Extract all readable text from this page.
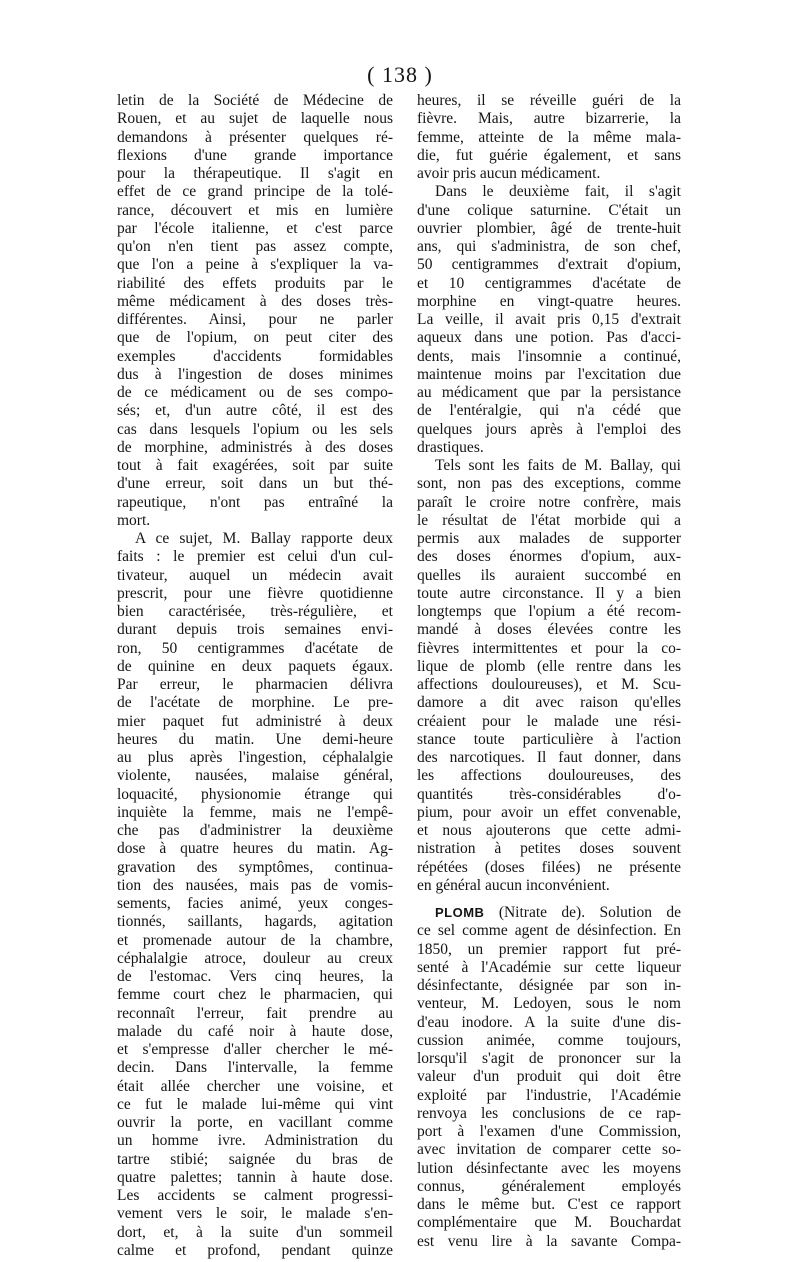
( 138 )
letin de la Société de Médecine de
Rouen, et au sujet de laquelle nous
demandons à présenter quelques ré-
flexions d'une grande importance
pour la thérapeutique. Il s'agit en
effet de ce grand principe de la tolé-
rance, découvert et mis en lumière
par l'école italienne, et c'est parce
qu'on n'en tient pas assez compte,
que l'on a peine à s'expliquer la va-
riabilité des effets produits par le
même médicament à des doses très-
différentes. Ainsi, pour ne parler
que de l'opium, on peut citer des
exemples d'accidents formidables
dus à l'ingestion de doses minimes
de ce médicament ou de ses compo-
sés; et, d'un autre côté, il est des
cas dans lesquels l'opium ou les sels
de morphine, administrés à des doses
tout à fait exagérées, soit par suite
d'une erreur, soit dans un but thé-
rapeutique, n'ont pas entraîné la
mort.
A ce sujet, M. Ballay rapporte deux
faits : le premier est celui d'un cul-
tivateur, auquel un médecin avait
prescrit, pour une fièvre quotidienne
bien caractérisée, très-régulière, et
durant depuis trois semaines envi-
ron, 50 centigrammes d'acétate de
de quinine en deux paquets égaux.
Par erreur, le pharmacien délivra
de l'acétate de morphine. Le pre-
mier paquet fut administré à deux
heures du matin. Une demi-heure
au plus après l'ingestion, céphalalgie
violente, nausées, malaise général,
loquacité, physionomie étrange qui
inquiète la femme, mais ne l'empê-
che pas d'administrer la deuxième
dose à quatre heures du matin. Ag-
gravation des symptômes, continua-
tion des nausées, mais pas de vomis-
sements, facies animé, yeux conges-
tionnés, saillants, hagards, agitation
et promenade autour de la chambre,
céphalalgie atroce, douleur au creux
de l'estomac. Vers cinq heures, la
femme court chez le pharmacien, qui
reconnaît l'erreur, fait prendre au
malade du café noir à haute dose,
et s'empresse d'aller chercher le mé-
decin. Dans l'intervalle, la femme
était allée chercher une voisine, et
ce fut le malade lui-même qui vint
ouvrir la porte, en vacillant comme
un homme ivre. Administration du
tartre stibié; saignée du bras de
quatre palettes; tannin à haute dose.
Les accidents se calment progressi-
vement vers le soir, le malade s'en-
dort, et, à la suite d'un sommeil
calme et profond, pendant quinze
heures, il se réveille guéri de la
fièvre. Mais, autre bizarrerie, la
femme, atteinte de la même mala-
die, fut guérie également, et sans
avoir pris aucun médicament.
Dans le deuxième fait, il s'agit
d'une colique saturnine. C'était un
ouvrier plombier, âgé de trente-huit
ans, qui s'administra, de son chef,
50 centigrammes d'extrait d'opium,
et 10 centigrammes d'acétate de
morphine en vingt-quatre heures.
La veille, il avait pris 0,15 d'extrait
aqueux dans une potion. Pas d'acci-
dents, mais l'insomnie a continué,
maintenue moins par l'excitation due
au médicament que par la persistance
de l'entéralgie, qui n'a cédé que
quelques jours après à l'emploi des
drastiques.
Tels sont les faits de M. Ballay, qui
sont, non pas des exceptions, comme
paraît le croire notre confrère, mais
le résultat de l'état morbide qui a
permis aux malades de supporter
des doses énormes d'opium, aux-
quelles ils auraient succombé en
toute autre circonstance. Il y a bien
longtemps que l'opium a été recom-
mandé à doses élevées contre les
fièvres intermittentes et pour la co-
lique de plomb (elle rentre dans les
affections douloureuses), et M. Scu-
damore a dit avec raison qu'elles
créaient pour le malade une rési-
stance toute particulière à l'action
des narcotiques. Il faut donner, dans
les affections douloureuses, des
quantités très-considérables d'o-
pium, pour avoir un effet convenable,
et nous ajouterons que cette admi-
nistration à petites doses souvent
répétées (doses filées) ne présente
en général aucun inconvénient.
PLOMB (Nitrate de). Solution de
ce sel comme agent de désinfection. En
1850, un premier rapport fut pré-
senté à l'Académie sur cette liqueur
désinfectante, désignée par son in-
venteur, M. Ledoyen, sous le nom
d'eau inodore. A la suite d'une dis-
cussion animée, comme toujours,
lorsqu'il s'agit de prononcer sur la
valeur d'un produit qui doit être
exploité par l'industrie, l'Académie
renvoya les conclusions de ce rap-
port à l'examen d'une Commission,
avec invitation de comparer cette so-
lution désinfectante avec les moyens
connus, généralement employés
dans le même but. C'est ce rapport
complémentaire que M. Bouchardat
est venu lire à la savante Compa-
